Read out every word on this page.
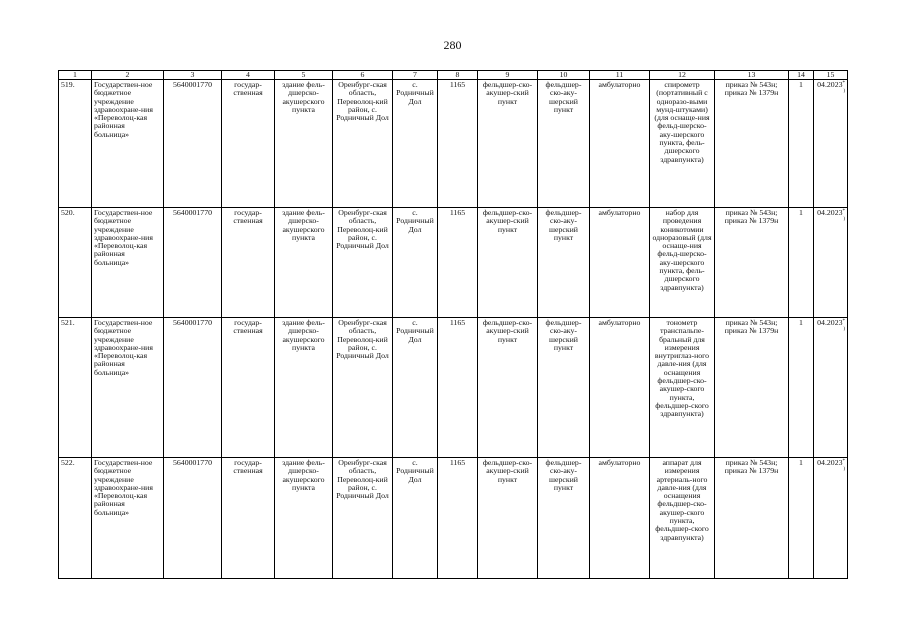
280
1	2	3	4	5	6	7	8	9	10	11	12	13	14	15
519.	Государствен-ное бюджетное учреждение здравоохране-ния «Переволоц-кая районная больница»	5640001770	государ-ственная	здание фель-дшерско-акушерского пункта	Оренбург-ская область, Переволоц-кий район, с. Родничный Дол	с. Родничный Дол	1165	фельдшер-ско-акушер-ский пункт	фельдшер-ско-аку-шерский пункт	амбулаторно	спирометр (портативный с одноразо-выми мунд-штуками) (для оснаще-ния фельд-шерско-аку-шерского пункта, фель-дшерского здравпункта)	приказ № 543н; приказ № 1379н	1	04.2023*)
520.	Государствен-ное бюджетное учреждение здравоохране-ния «Переволоц-кая районная больница»	5640001770	государ-ственная	здание фель-дшерско-акушерского пункта	Оренбург-ская область, Переволоц-кий район, с. Родничный Дол	с. Родничный Дол	1165	фельдшер-ско-акушер-ский пункт	фельдшер-ско-аку-шерский пункт	амбулаторно	набор для проведения коникотомии одноразовый (для оснаще-ния фельд-шерско-аку-шерского пункта, фель-дшерского здравпункта)	приказ № 543н; приказ № 1379н	1	04.2023*)
521.	Государствен-ное бюджетное учреждение здравоохране-ния «Переволоц-кая районная больница»	5640001770	государ-ственная	здание фель-дшерско-акушерского пункта	Оренбург-ская область, Переволоц-кий район, с. Родничный Дол	с. Родничный Дол	1165	фельдшер-ско-акушер-ский пункт	фельдшер-ско-аку-шерский пункт	амбулаторно	тонометр транспальпе-бральный для измерения внутриглаз-ного давле-ния (для оснащения фельдшер-ско-акушер-ского пункта, фельдшер-ского здравпункта)	приказ № 543н; приказ № 1379н	1	04.2023*)
522.	Государствен-ное бюджетное учреждение здравоохране-ния «Переволоц-кая районная больница»	5640001770	государ-ственная	здание фель-дшерско-акушерского пункта	Оренбург-ская область, Переволоц-кий район, с. Родничный Дол	с. Родничный Дол	1165	фельдшер-ско-акушер-ский пункт	фельдшер-ско-аку-шерский пункт	амбулаторно	аппарат для измерения артериаль-ного давле-ния (для оснащения фельдшер-ско-акушер-ского пункта, фельдшер-ского здравпункта)	приказ № 543н; приказ № 1379н	1	04.2023*)
